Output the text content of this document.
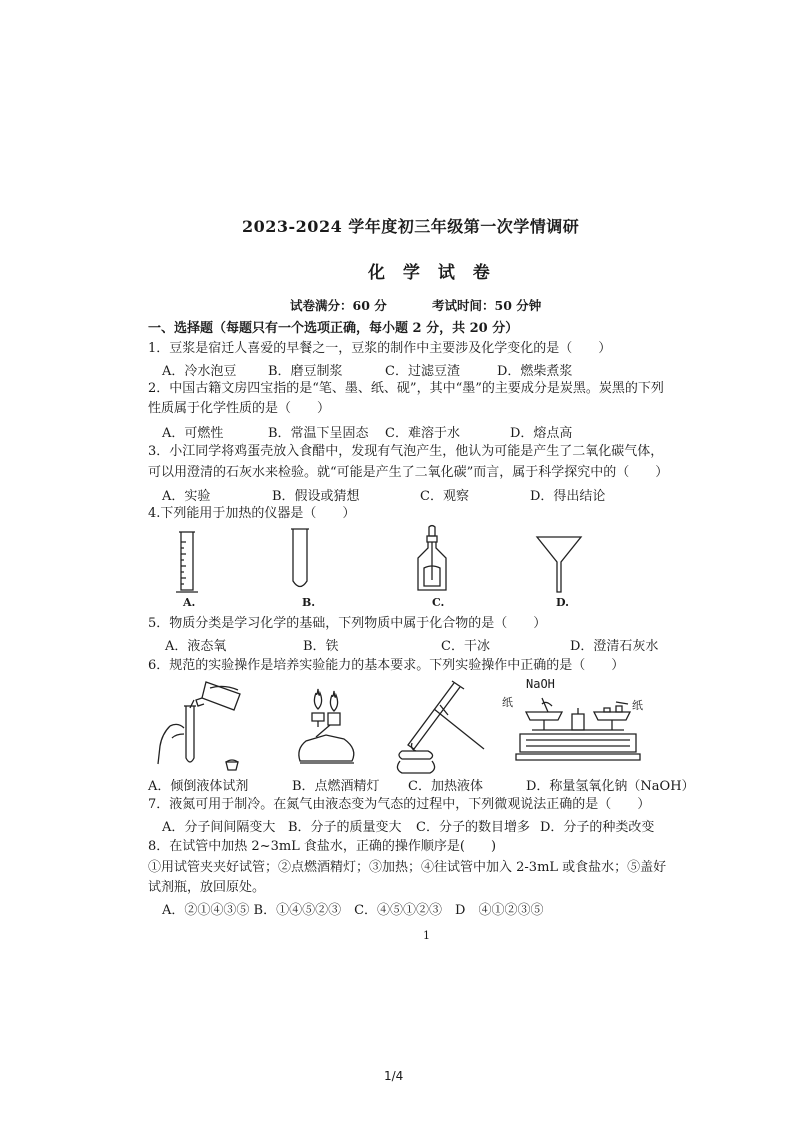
2023-2024 学年度初三年级第一次学情调研
化 学 试 卷
试卷满分：60 分	考试时间：50 分钟
一、选择题（每题只有一个选项正确，每小题 2 分，共 20 分）
1．豆浆是宿迁人喜爱的早餐之一，豆浆的制作中主要涉及化学变化的是（　　）
A．冷水泡豆 B．磨豆制浆	C．过滤豆渣	D．燃柴煮浆
2．中国古籍文房四宝指的是“笔、墨、纸、砚”，其中“墨”的主要成分是炭黑。炭黑的下列
性质属于化学性质的是（　　）
A．可燃性	B．常温下呈固态 C．难溶于水	D．熔点高
3．小江同学将鸡蛋壳放入食醋中，发现有气泡产生，他认为可能是产生了二氧化碳气体，
可以用澄清的石灰水来检验。就“可能是产生了二氧化碳”而言，属于科学探究中的（　　）
A．实验	B．假设或猜想	C．观察	D．得出结论
4.下列能用于加热的仪器是（　　）
A.	B.	C.	D.
5．物质分类是学习化学的基础，下列物质中属于化合物的是（　　）
A．液态氧	B．铁	C．干冰	D．澄清石灰水
6．规范的实验操作是培养实验能力的基本要求。下列实验操作中正确的是（　　）
NaOH
纸	纸
A．倾倒液体试剂	B．点燃酒精灯 C．加热液体	D．称量氢氧化钠（NaOH）
7．液氮可用于制冷。在氮气由液态变为气态的过程中，下列微观说法正确的是（　　）
A．分子间间隔变大 B．分子的质量变大 C．分子的数目增多 D．分子的种类改变
8．在试管中加热 2~3mL 食盐水，正确的操作顺序是(　　)
①用试管夹夹好试管；②点燃酒精灯；③加热；④往试管中加入 2-3mL 或食盐水；⑤盖好
试剂瓶，放回原处。
A．②①④③⑤ B．①④⑤②③　C．④⑤①②③　D　④①②③⑤
1
1/4
